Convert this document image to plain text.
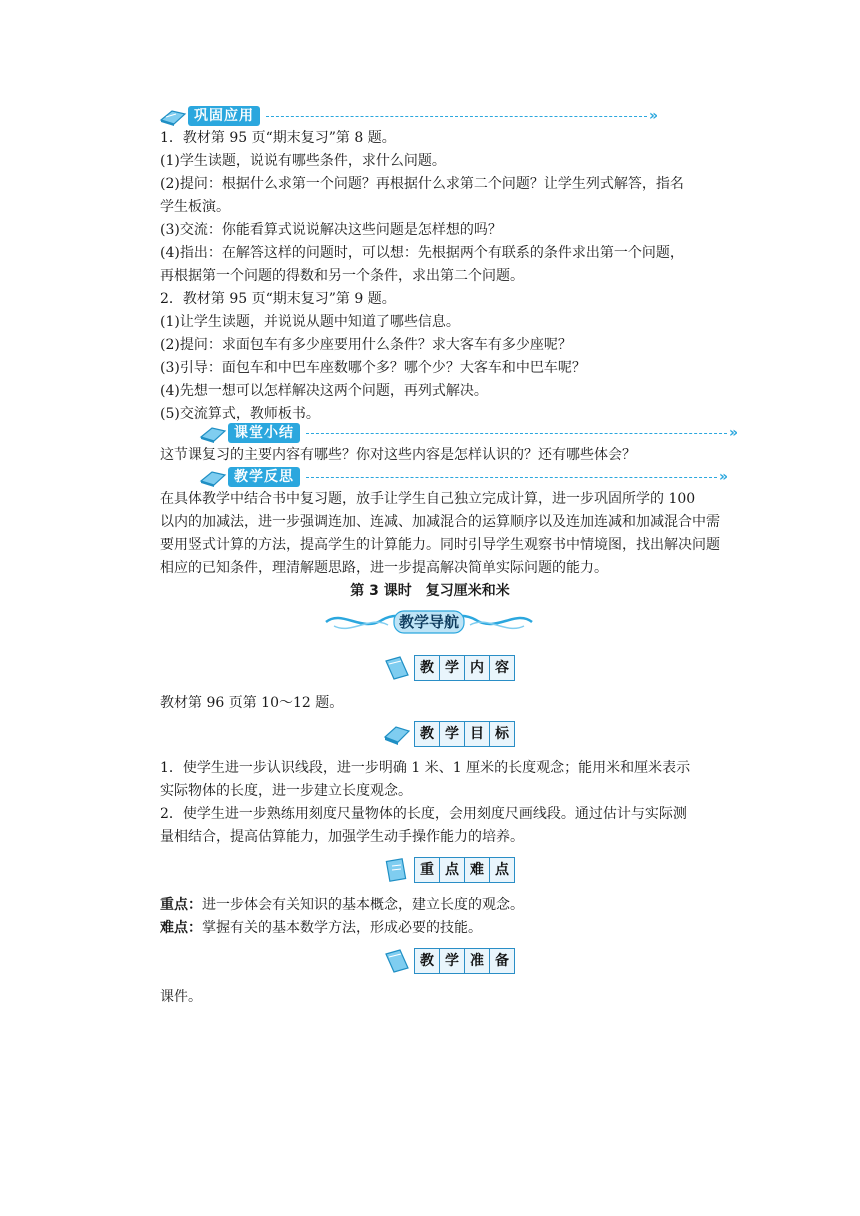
巩固应用	»
1．教材第 95 页“期末复习”第 8 题。
(1)学生读题，说说有哪些条件，求什么问题。
(2)提问：根据什么求第一个问题？再根据什么求第二个问题？让学生列式解答，指名
学生板演。
(3)交流：你能看算式说说解决这些问题是怎样想的吗？
(4)指出：在解答这样的问题时，可以想：先根据两个有联系的条件求出第一个问题，
再根据第一个问题的得数和另一个条件，求出第二个问题。
2．教材第 95 页“期末复习”第 9 题。
(1)让学生读题，并说说从题中知道了哪些信息。
(2)提问：求面包车有多少座要用什么条件？求大客车有多少座呢？
(3)引导：面包车和中巴车座数哪个多？哪个少？大客车和中巴车呢？
(4)先想一想可以怎样解决这两个问题，再列式解决。
(5)交流算式，教师板书。
课堂小结	»
这节课复习的主要内容有哪些？你对这些内容是怎样认识的？还有哪些体会？
教学反思	»
在具体教学中结合书中复习题，放手让学生自己独立完成计算，进一步巩固所学的 100
以内的加减法，进一步强调连加、连减、加减混合的运算顺序以及连加连减和加减混合中需
要用竖式计算的方法，提高学生的计算能力。同时引导学生观察书中情境图，找出解决问题
相应的已知条件，理清解题思路，进一步提高解决简单实际问题的能力。
第 3 课时　复习厘米和米
教学导航
教 学 内 容
教材第 96 页第 10～12 题。
教 学 目 标
1．使学生进一步认识线段，进一步明确 1 米、1 厘米的长度观念；能用米和厘米表示
实际物体的长度，进一步建立长度观念。
2．使学生进一步熟练用刻度尺量物体的长度，会用刻度尺画线段。通过估计与实际测
量相结合，提高估算能力，加强学生动手操作能力的培养。
重 点 难 点
重点：进一步体会有关知识的基本概念，建立长度的观念。
难点：掌握有关的基本数学方法，形成必要的技能。
教 学 准 备
课件。
